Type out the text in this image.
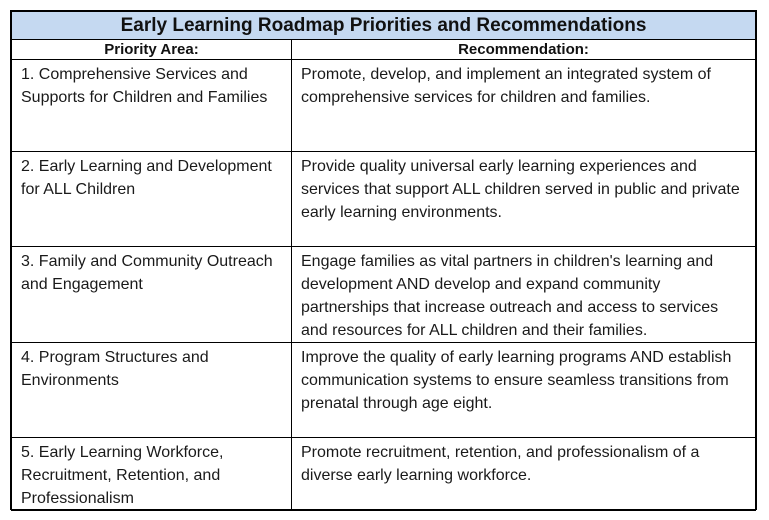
Early Learning Roadmap Priorities and Recommendations	
Priority Area:	Recommendation:
1. Comprehensive Services and Supports for Children and Families	Promote, develop, and implement an integrated system of comprehensive services for children and families.
2. Early Learning and Development for ALL Children	Provide quality universal early learning experiences and services that support ALL children served in public and private early learning environments.
3. Family and Community Outreach and Engagement	Engage families as vital partners in children's learning and development AND develop and expand community partnerships that increase outreach and access to services and resources for ALL children and their families.
4. Program Structures and Environments	Improve the quality of early learning programs AND establish communication systems to ensure seamless transitions from prenatal through age eight.
5. Early Learning Workforce, Recruitment, Retention, and Professionalism	Promote recruitment, retention, and professionalism of a diverse early learning workforce.
